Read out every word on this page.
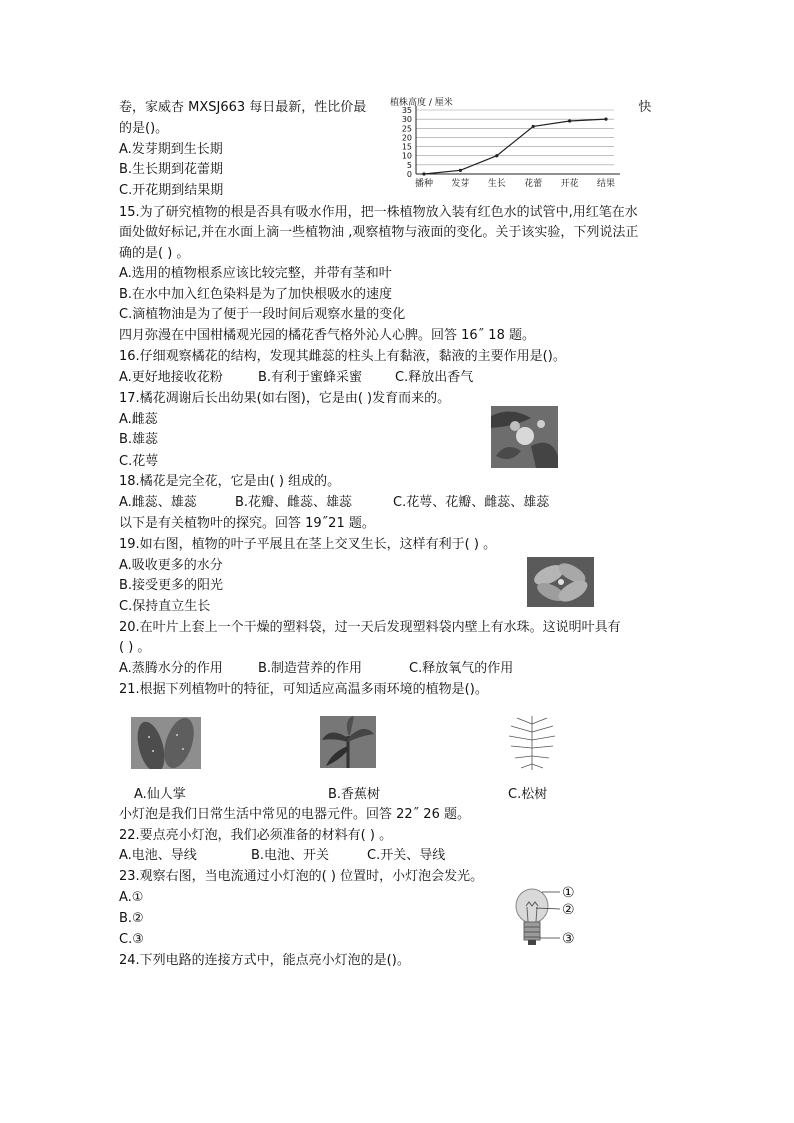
卷，家威杏 MXSJ663 每日最新，性比价最	:快
的是()。
A.发芽期到生长期
B.生长期到花蕾期
C.开花期到结果期
植株高度 / 厘米
0
5
10
15
20
25
30
35
播种 发芽 生长 花蕾 开花 结果
15.为了研究植物的根是否具有吸水作用，把一株植物放入装有红色水的试管中,用红笔在水
面处做好标记,并在水面上滴一些植物油 ,观察植物与液面的变化。关于该实验，下列说法正
确的是( ) 。
A.选用的植物根系应该比较完整，并带有茎和叶
B.在水中加入红色染料是为了加快根吸水的速度
C.滴植物油是为了便于一段时间后观察水量的变化
四月弥漫在中国柑橘观光园的橘花香气格外沁人心脾。回答 16˝ 18 题。
16.仔细观察橘花的结构，发现其雌蕊的柱头上有黏液，黏液的主要作用是()。
A.更好地接收花粉	B.有利于蜜蜂采蜜	C.释放出香气
17.橘花凋谢后长出幼果(如右图)，它是由( )发育而来的。
A.雌蕊
B.雄蕊
C.花萼
18.橘花是完全花，它是由( ) 组成的。
A.雌蕊、雄蕊	B.花瓣、雌蕊、雄蕊	C.花萼、花瓣、雌蕊、雄蕊
以下是有关植物叶的探究。回答 19˝21 题。
19.如右图，植物的叶子平展且在茎上交叉生长，这样有利于( ) 。
A.吸收更多的水分
B.接受更多的阳光
C.保持直立生长
20.在叶片上套上一个干燥的塑料袋，过一天后发现塑料袋内壁上有水珠。这说明叶具有
( ) 。
A.蒸腾水分的作用	B.制造营养的作用	C.释放氧气的作用
21.根据下列植物叶的特征，可知适应高温多雨环境的植物是()。
A.仙人掌	B.香蕉树	C.松树
小灯泡是我们日常生活中常见的电器元件。回答 22˝ 26 题。
22.要点亮小灯泡，我们必须准备的材料有( ) 。
A.电池、导线	B.电池、开关	C.开关、导线
23.观察右图，当电流通过小灯泡的( ) 位置时，小灯泡会发光。
A.①
B.②
C.③
①
②
③
24.下列电路的连接方式中，能点亮小灯泡的是()。
